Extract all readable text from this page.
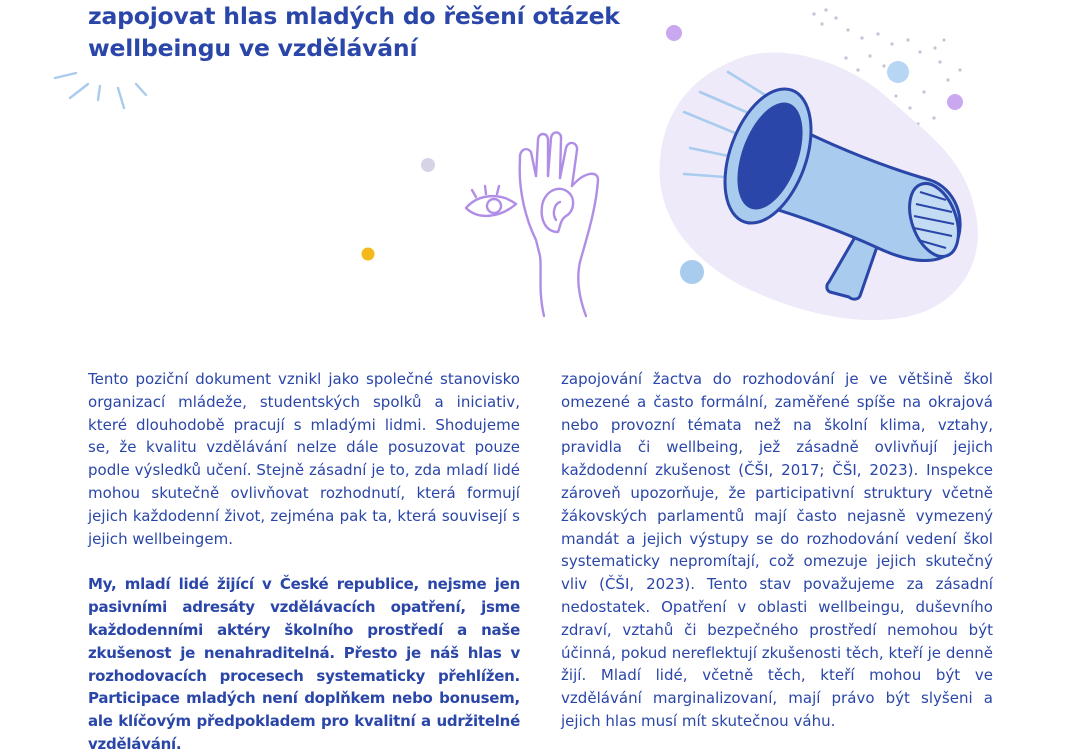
zapojovat hlas mladých do řešení otázek
wellbeingu ve vzdělávání

Tento poziční dokument vznikl jako společné stanovisko organizací mládeže, studentských spolků a iniciativ, které dlouhodobě pracují s mladými lidmi. Shodujeme se, že kvalitu vzdělávání nelze dále posuzovat pouze podle výsledků učení. Stejně zásadní je to, zda mladí lidé mohou skutečně ovlivňovat rozhodnutí, která formují jejich každodenní život, zejména pak ta, která souvisejí s jejich wellbeingem.

My, mladí lidé žijící v České republice, nejsme jen pasivními adresáty vzdělávacích opatření, jsme každodenními aktéry školního prostředí a naše zkušenost je nenahraditelná. Přesto je náš hlas v rozhodovacích procesech systematicky přehlížen. Participace mladých není doplňkem nebo bonusem, ale klíčovým předpokladem pro kvalitní a udržitelné vzdělávání.

zapojování žactva do rozhodování je ve většině škol omezené a často formální, zaměřené spíše na okrajová nebo provozní témata než na školní klima, vztahy, pravidla či wellbeing, jež zásadně ovlivňují jejich každodenní zkušenost (ČŠI, 2017; ČŠI, 2023). Inspekce zároveň upozorňuje, že participativní struktury včetně žákovských parlamentů mají často nejasně vymezený mandát a jejich výstupy se do rozhodování vedení škol systematicky nepromítají, což omezuje jejich skutečný vliv (ČŠI, 2023). Tento stav považujeme za zásadní nedostatek. Opatření v oblasti wellbeingu, duševního zdraví, vztahů či bezpečného prostředí nemohou být účinná, pokud nereflektují zkušenosti těch, kteří je denně žijí. Mladí lidé, včetně těch, kteří mohou být ve vzdělávání marginalizovaní, mají právo být slyšeni a jejich hlas musí mít skutečnou váhu.
